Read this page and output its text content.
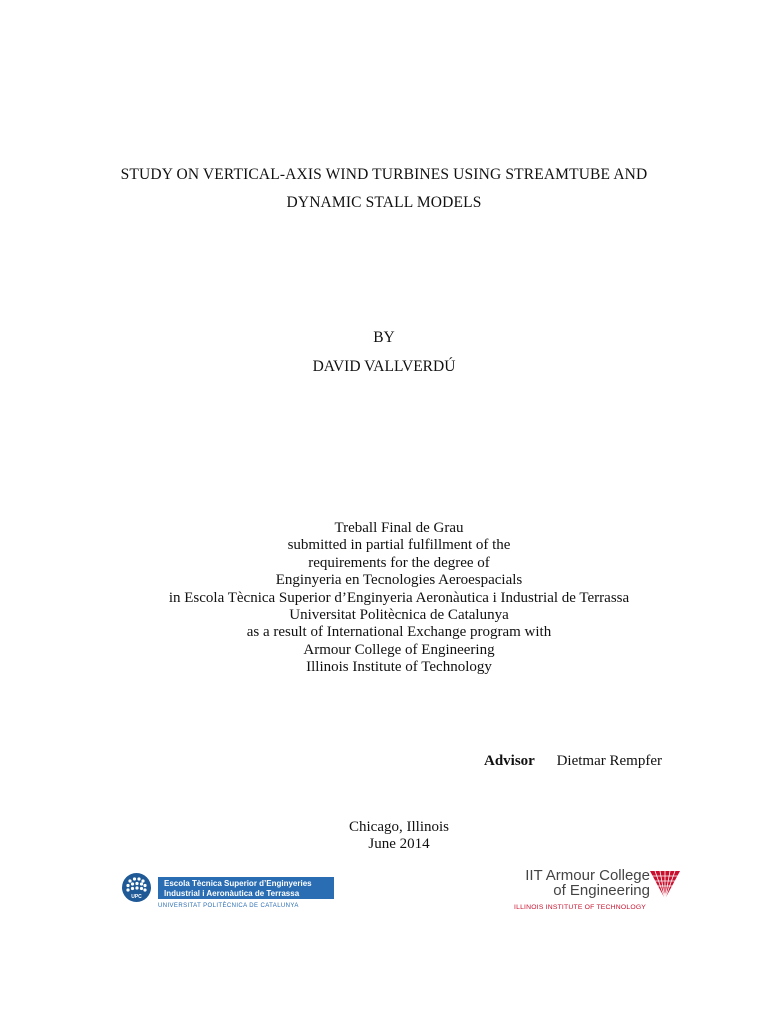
STUDY ON VERTICAL-AXIS WIND TURBINES USING STREAMTUBE AND
DYNAMIC STALL MODELS
BY
DAVID VALLVERDÚ
Treball Final de Grau
submitted in partial fulfillment of the
requirements for the degree of
Enginyeria en Tecnologies Aeroespacials
in Escola Tècnica Superior d’Enginyeria Aeronàutica i Industrial de Terrassa
Universitat Politècnica de Catalunya
as a result of International Exchange program with
Armour College of Engineering
Illinois Institute of Technology
Advisor Dietmar Rempfer
Chicago, Illinois
June 2014
UPC
Escola Tècnica Superior d’Enginyeries
Industrial i Aeronàutica de Terrassa
UNIVERSITAT POLITÈCNICA DE CATALUNYA
IIT Armour College
of Engineering
ILLINOIS INSTITUTE OF TECHNOLOGY
